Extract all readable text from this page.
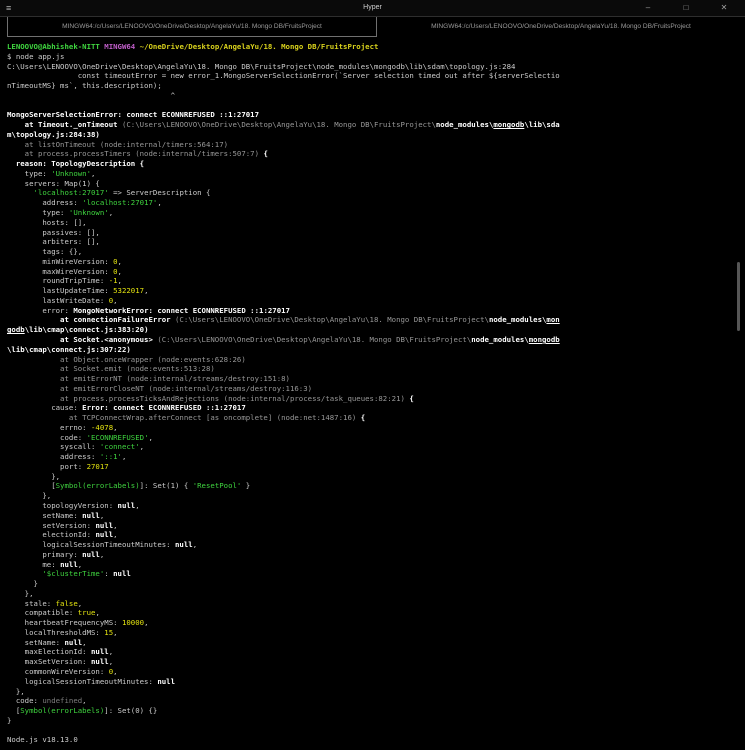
≡	Hyper	–	□	✕
MINGW64:/c/Users/LENOOVO/OneDrive/Desktop/AngelaYu/18. Mongo DB/FruitsProject	MINGW64:/c/Users/LENOOVO/OneDrive/Desktop/AngelaYu/18. Mongo DB/FruitsProject
LENOOVO@Abhishek-NITT MINGW64 ~/OneDrive/Desktop/AngelaYu/18. Mongo DB/FruitsProject
$ node app.js
C:\Users\LENOOVO\OneDrive\Desktop\AngelaYu\18. Mongo DB\FruitsProject\node_modules\mongodb\lib\sdam\topology.js:284
const timeoutError = new error_1.MongoServerSelectionError(`Server selection timed out after ${serverSelectio
nTimeoutMS} ms`, this.description);
^
MongoServerSelectionError: connect ECONNREFUSED ::1:27017
at Timeout._onTimeout (C:\Users\LENOOVO\OneDrive\Desktop\AngelaYu\18. Mongo DB\FruitsProject\node_modules\mongodb\lib\sda
m\topology.js:284:38)
at listOnTimeout (node:internal/timers:564:17)
at process.processTimers (node:internal/timers:507:7) {
reason: TopologyDescription {
type: 'Unknown',
servers: Map(1) {
'localhost:27017' => ServerDescription {
address: 'localhost:27017',
type: 'Unknown',
hosts: [],
passives: [],
arbiters: [],
tags: {},
minWireVersion: 0,
maxWireVersion: 0,
roundTripTime: -1,
lastUpdateTime: 5322017,
lastWriteDate: 0,
error: MongoNetworkError: connect ECONNREFUSED ::1:27017
at connectionFailureError (C:\Users\LENOOVO\OneDrive\Desktop\AngelaYu\18. Mongo DB\FruitsProject\node_modules\mon
godb\lib\cmap\connect.js:383:20)
at Socket.<anonymous> (C:\Users\LENOOVO\OneDrive\Desktop\AngelaYu\18. Mongo DB\FruitsProject\node_modules\mongodb
\lib\cmap\connect.js:307:22)
at Object.onceWrapper (node:events:628:26)
at Socket.emit (node:events:513:28)
at emitErrorNT (node:internal/streams/destroy:151:8)
at emitErrorCloseNT (node:internal/streams/destroy:116:3)
at process.processTicksAndRejections (node:internal/process/task_queues:82:21) {
cause: Error: connect ECONNREFUSED ::1:27017
at TCPConnectWrap.afterConnect [as oncomplete] (node:net:1487:16) {
errno: -4078,
code: 'ECONNREFUSED',
syscall: 'connect',
address: '::1',
port: 27017
},
[Symbol(errorLabels)]: Set(1) { 'ResetPool' }
},
topologyVersion: null,
setName: null,
setVersion: null,
electionId: null,
logicalSessionTimeoutMinutes: null,
primary: null,
me: null,
'$clusterTime': null
}
},
stale: false,
compatible: true,
heartbeatFrequencyMS: 10000,
localThresholdMS: 15,
setName: null,
maxElectionId: null,
maxSetVersion: null,
commonWireVersion: 0,
logicalSessionTimeoutMinutes: null
},
code: undefined,
[Symbol(errorLabels)]: Set(0) {}
}
Node.js v18.13.0
